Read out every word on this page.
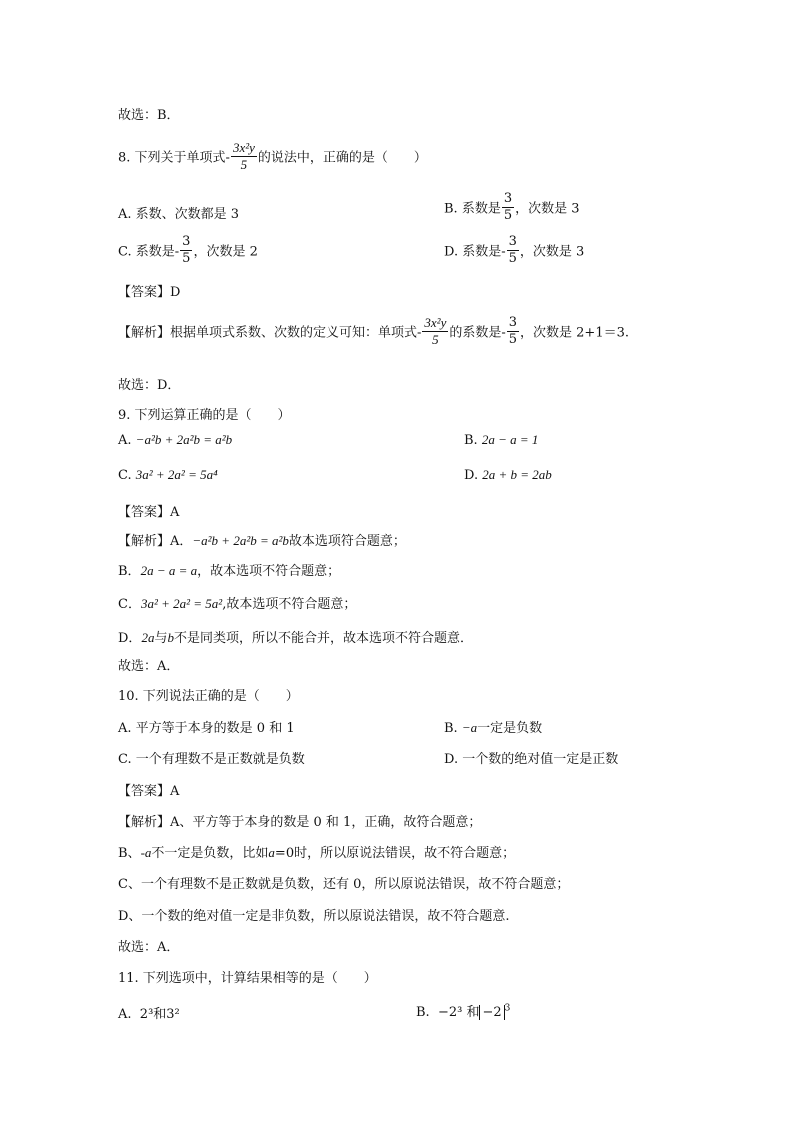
故选：B．
8. 下列关于单项式- $\frac{\text{3x²y}}{5}$ 的说法中，正确的是（　　）
A. 系数、次数都是 3	B. 系数是 $\frac{3}{5}$ ，次数是 3
C. 系数是- $\frac{3}{5}$ ，次数是 2	D. 系数是- $\frac{3}{5}$ ，次数是 3
【答案】D
【解析】根据单项式系数、次数的定义可知：单项式- $\frac{\text{3x²y}}{5}$ 的系数是- $\frac{3}{5}$ ，次数是 2+1＝3.
故选：D．
9. 下列运算正确的是（　　）
A. −a²b + 2a²b = a²b	B. 2a − a = 1
C. 3a² + 2a² = 5a⁴	D. 2a + b = 2ab
【答案】A
【解析】A．−a²b + 2a²b = a²b故本选项符合题意；
B．2a − a = a，故本选项不符合题意；
C．3a² + 2a² = 5a²,故本选项不符合题意；
D．2a与b不是同类项，所以不能合并，故本选项不符合题意．
故选：A．
10. 下列说法正确的是（　　）
A. 平方等于本身的数是 0 和 1	B. −a一定是负数
C. 一个有理数不是正数就是负数	D. 一个数的绝对值一定是正数
【答案】A
【解析】A、平方等于本身的数是 0 和 1，正确，故符合题意；
B、-a不一定是负数，比如a=0时，所以原说法错误，故不符合题意；
C、一个有理数不是正数就是负数，还有 0，所以原说法错误，故不符合题意；
D、一个数的绝对值一定是非负数，所以原说法错误，故不符合题意.
故选：A．
11. 下列选项中，计算结果相等的是（　　）
A. 2³和3²	B. −2³ 和 −2 $^3$
